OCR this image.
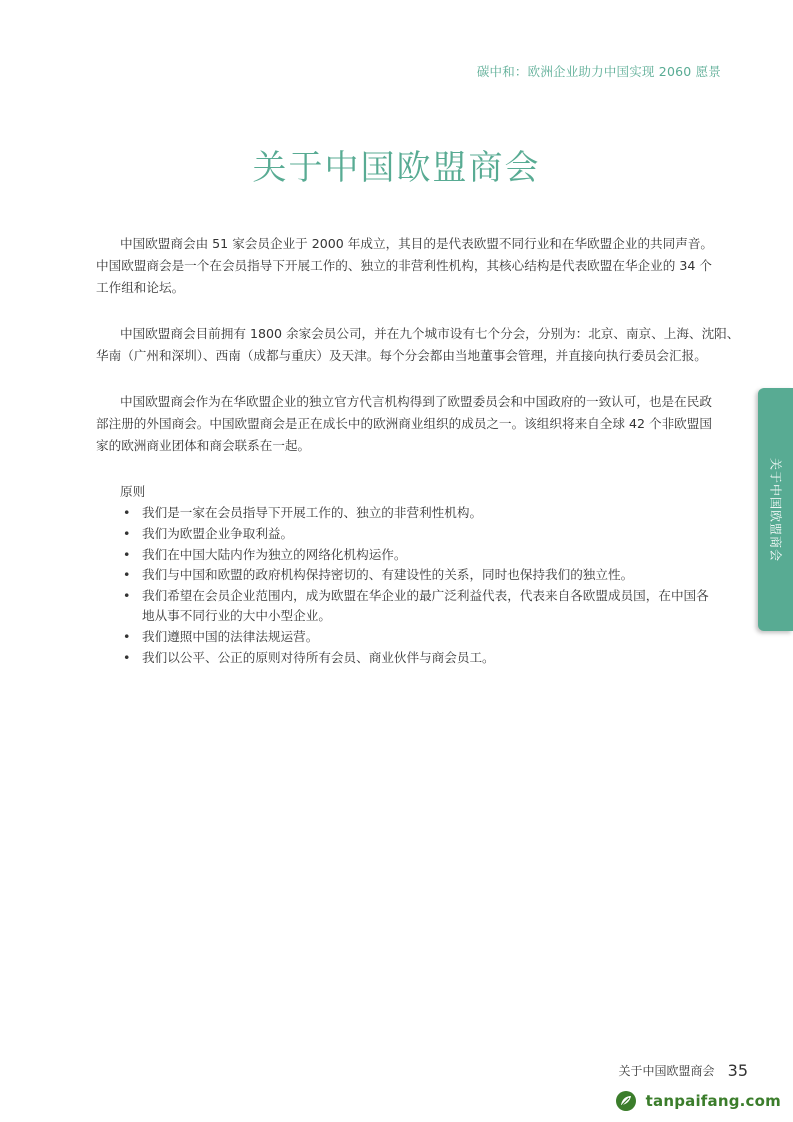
碳中和：欧洲企业助力中国实现 2060 愿景
关于中国欧盟商会
中国欧盟商会由 51 家会员企业于 2000 年成立，其目的是代表欧盟不同行业和在华欧盟企业的共同声音。
中国欧盟商会是一个在会员指导下开展工作的、独立的非营利性机构，其核心结构是代表欧盟在华企业的 34 个
工作组和论坛。
中国欧盟商会目前拥有 1800 余家会员公司，并在九个城市设有七个分会，分别为：北京、南京、上海、沈阳、
华南（广州和深圳）、西南（成都与重庆）及天津。每个分会都由当地董事会管理，并直接向执行委员会汇报。
中国欧盟商会作为在华欧盟企业的独立官方代言机构得到了欧盟委员会和中国政府的一致认可，也是在民政
部注册的外国商会。中国欧盟商会是正在成长中的欧洲商业组织的成员之一。该组织将来自全球 42 个非欧盟国
家的欧洲商业团体和商会联系在一起。

原则

• 我们是一家在会员指导下开展工作的、独立的非营利性机构。
• 我们为欧盟企业争取利益。
• 我们在中国大陆内作为独立的网络化机构运作。
• 我们与中国和欧盟的政府机构保持密切的、有建设性的关系，同时也保持我们的独立性。
• 我们希望在会员企业范围内，成为欧盟在华企业的最广泛利益代表，代表来自各欧盟成员国，在中国各
地从事不同行业的大中小型企业。
• 我们遵照中国的法律法规运营。
• 我们以公平、公正的原则对待所有会员、商业伙伴与商会员工。
关于中国欧盟商会
关于中国欧盟商会 35
tanpaifang.com
